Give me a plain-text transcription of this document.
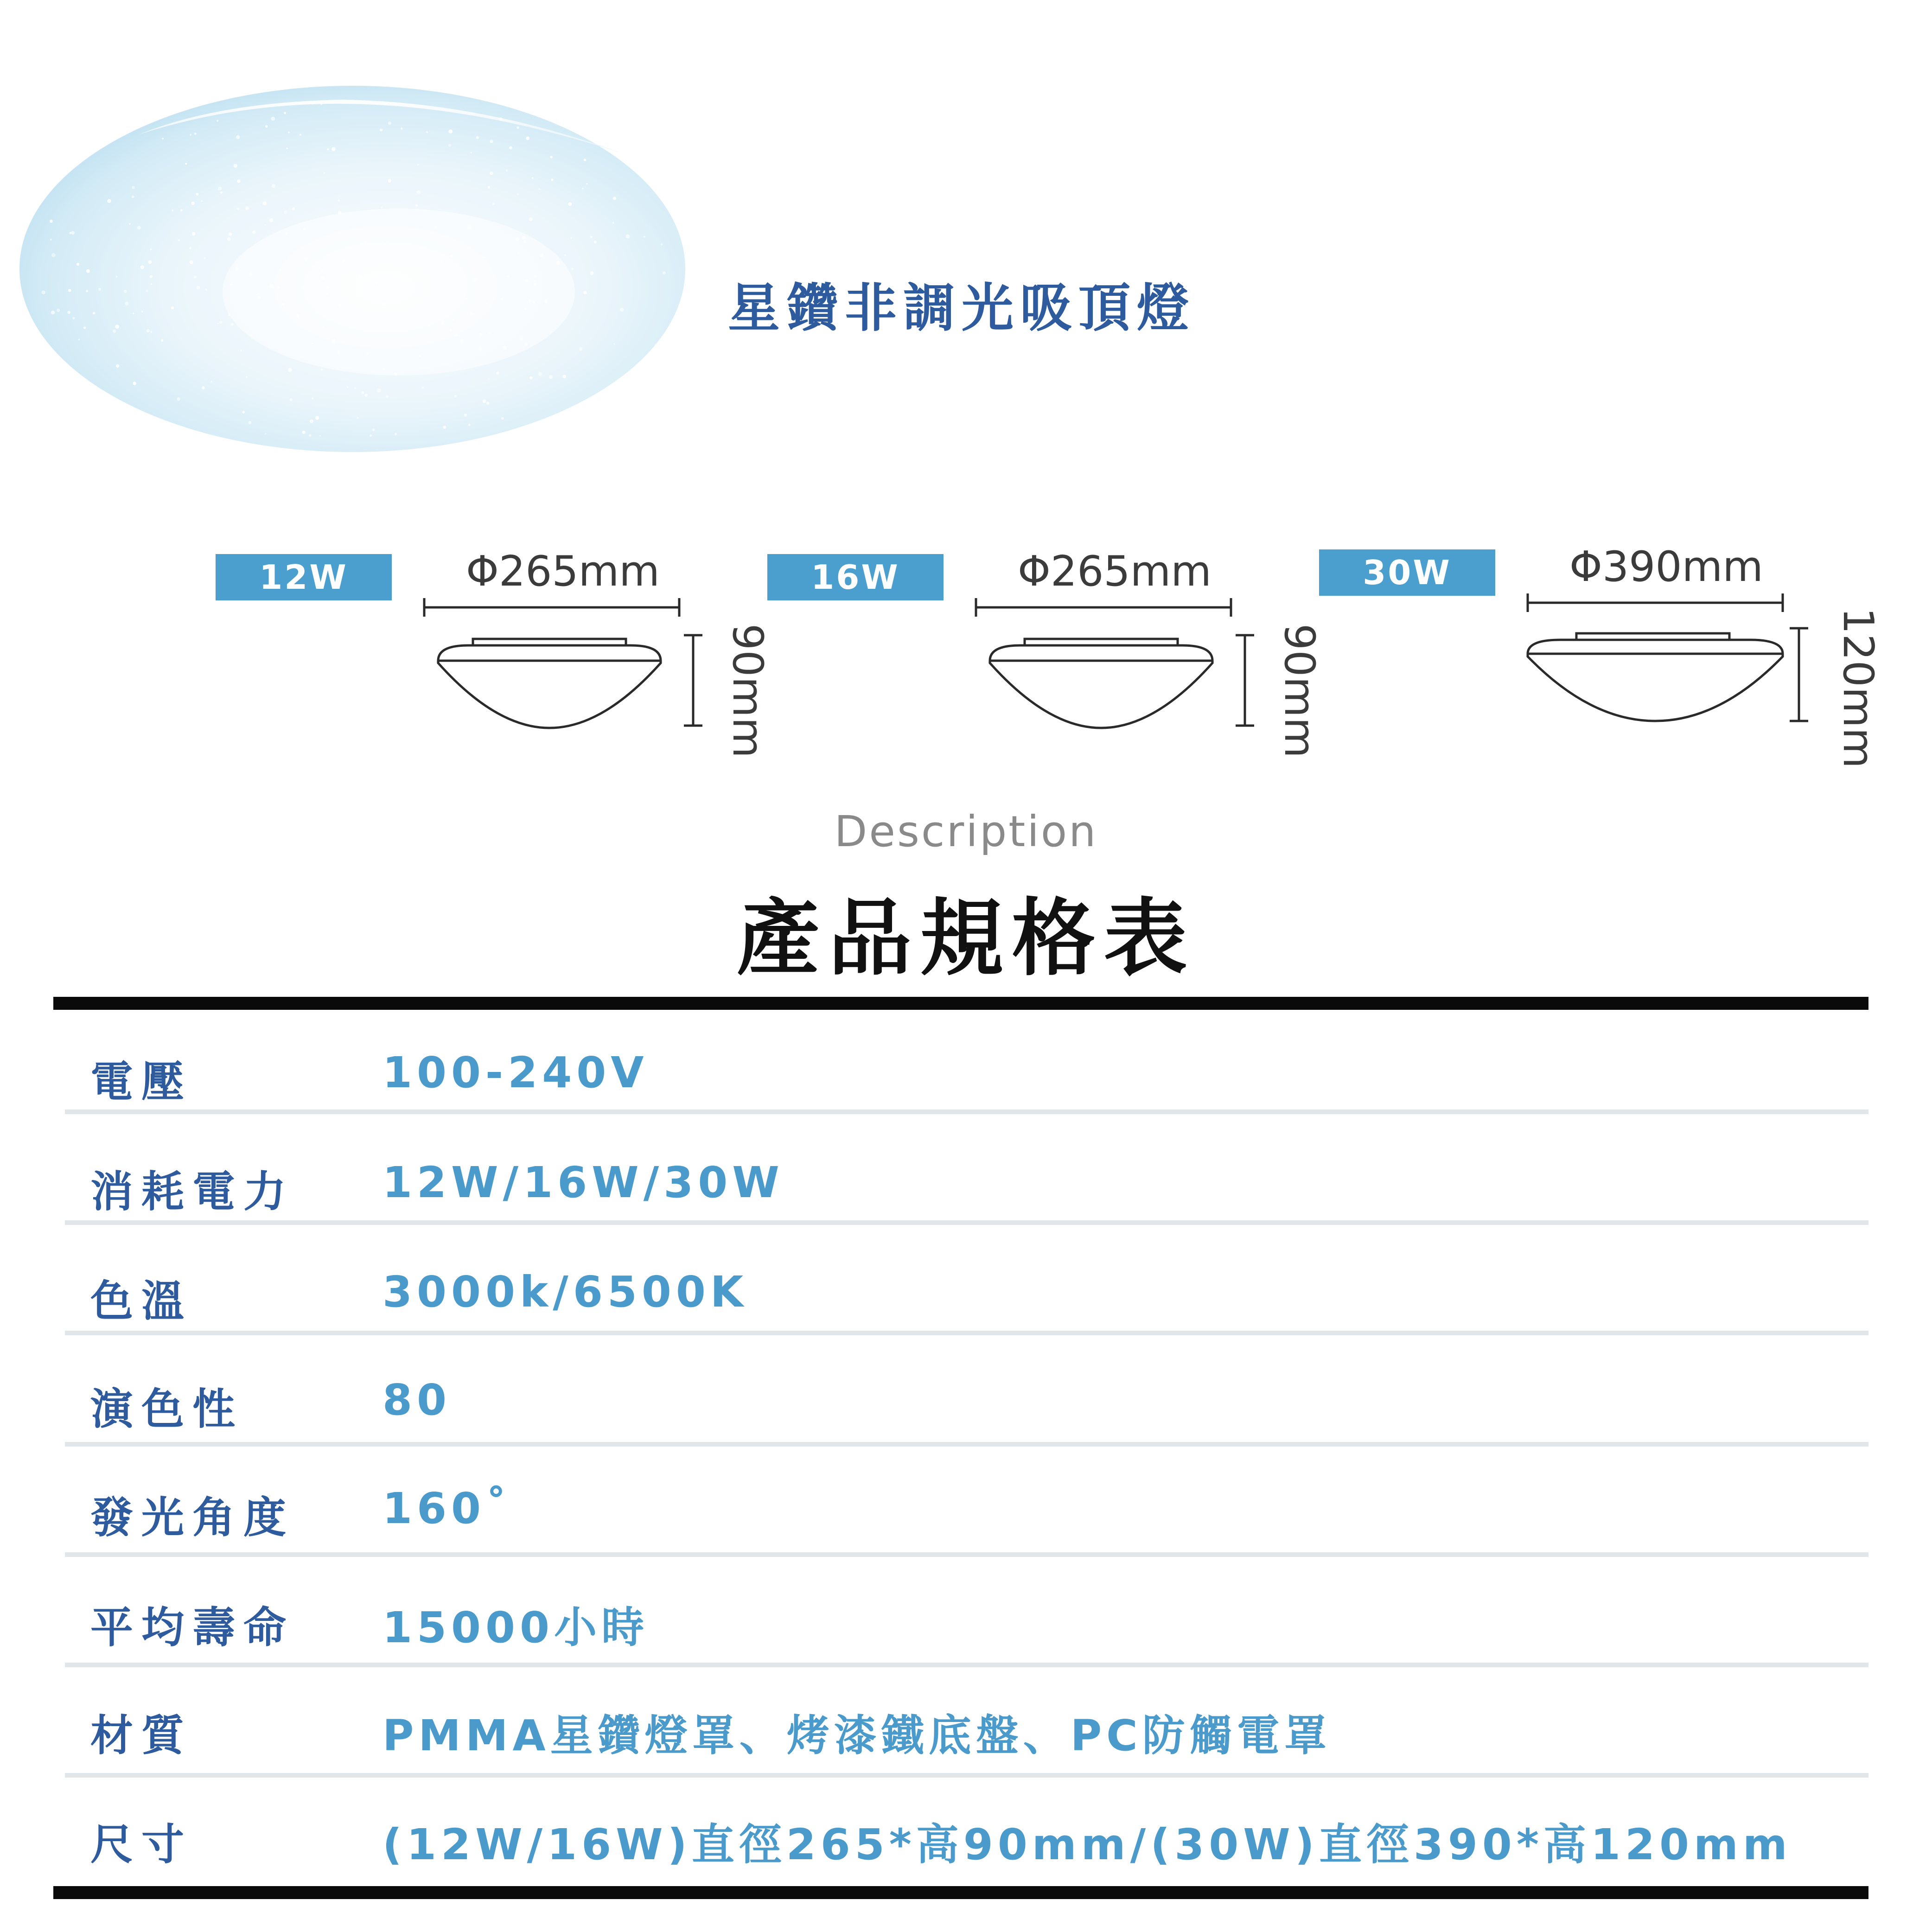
星鑽非調光吸頂燈
12W	Φ265mm
90mm
16W	Φ265mm
90mm
30W	Φ390mm
120mm
Description
產品規格表
電壓	100-240V
消耗電力 12W/16W/30W
色溫	3000k/6500K
演色性	80
發光角度 160˚
平均壽命 15000小時
材質	PMMA星鑽燈罩、烤漆鐵底盤、PC防觸電罩
尺寸	(12W/16W)直徑265*高90mm/(30W)直徑390*高120mm
